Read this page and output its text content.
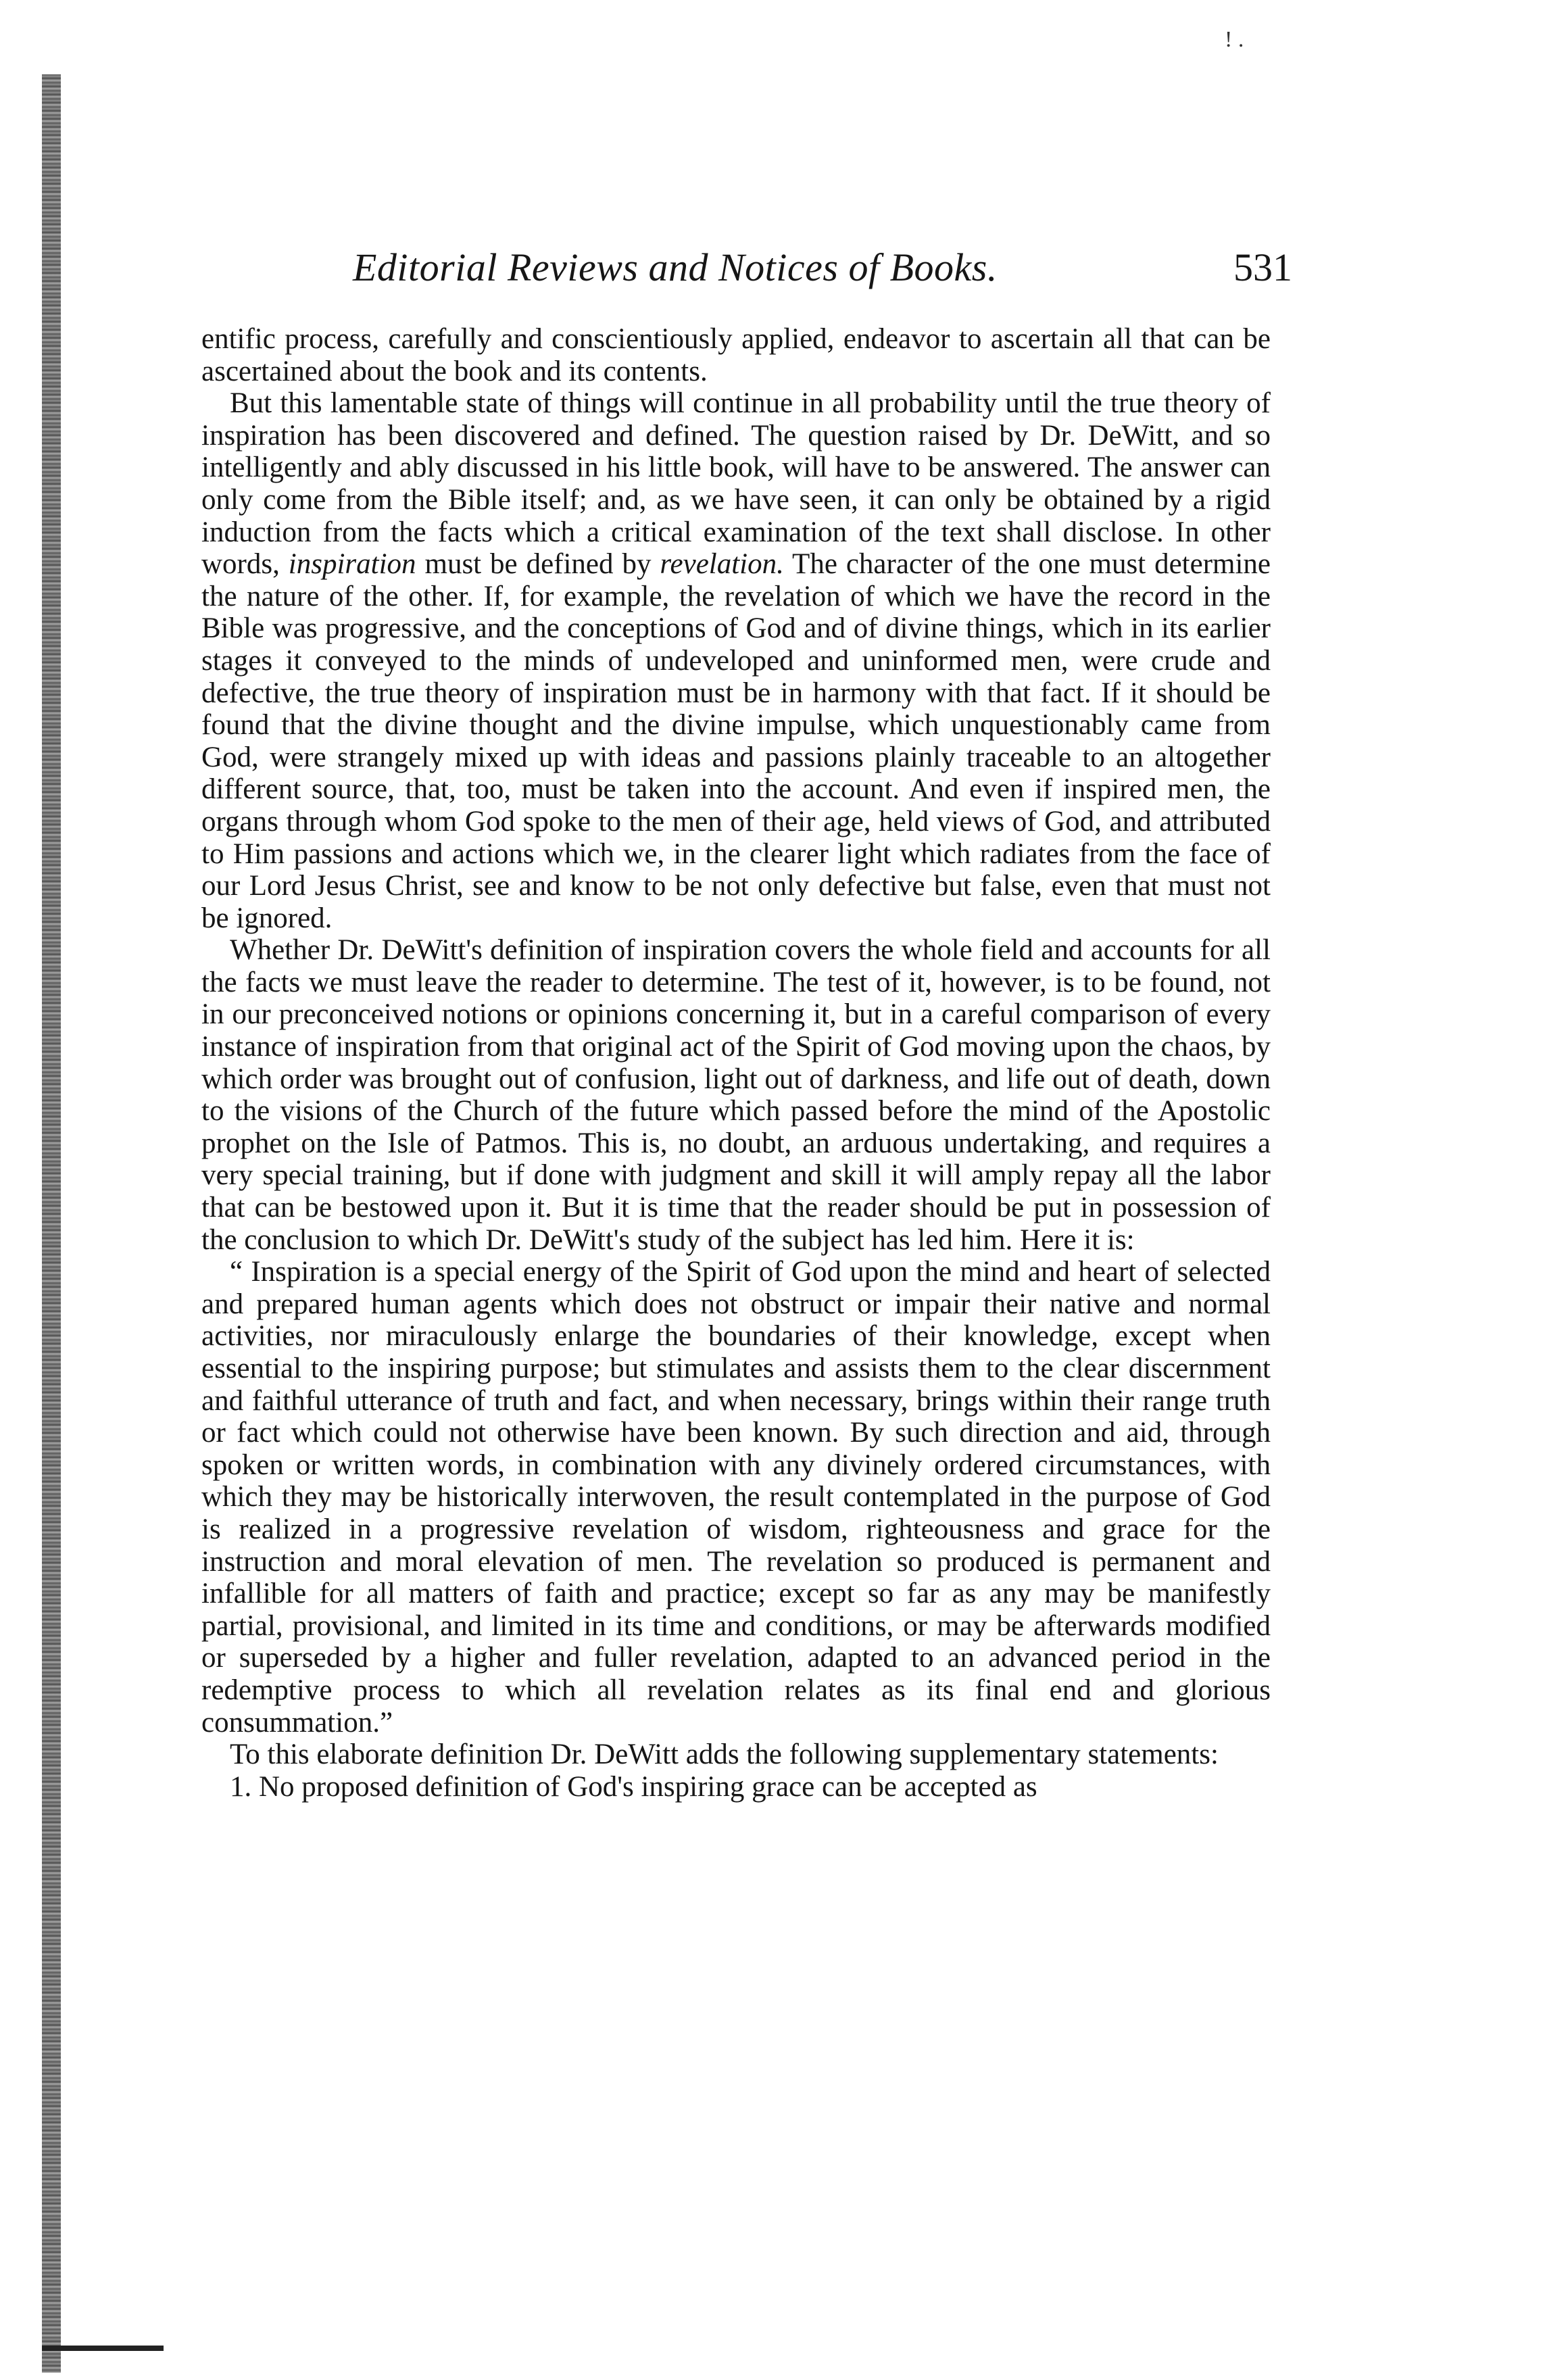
! .
Editorial Reviews and Notices of Books.	531

entific process, carefully and conscientiously applied, endeavor to ascertain all that can be ascertained about the book and its contents.

But this lamentable state of things will continue in all probability until the true theory of inspiration has been discovered and defined. The question raised by Dr. DeWitt, and so intelligently and ably discussed in his little book, will have to be answered. The answer can only come from the Bible itself; and, as we have seen, it can only be obtained by a rigid induction from the facts which a critical examination of the text shall disclose. In other words, inspiration must be defined by revelation. The character of the one must determine the nature of the other. If, for example, the revelation of which we have the record in the Bible was progressive, and the conceptions of God and of divine things, which in its earlier stages it conveyed to the minds of undeveloped and uninformed men, were crude and defective, the true theory of inspiration must be in harmony with that fact. If it should be found that the divine thought and the divine impulse, which unquestionably came from God, were strangely mixed up with ideas and passions plainly traceable to an altogether different source, that, too, must be taken into the account. And even if inspired men, the organs through whom God spoke to the men of their age, held views of God, and attributed to Him passions and actions which we, in the clearer light which radiates from the face of our Lord Jesus Christ, see and know to be not only defective but false, even that must not be ignored.

Whether Dr. DeWitt's definition of inspiration covers the whole field and accounts for all the facts we must leave the reader to determine. The test of it, however, is to be found, not in our preconceived notions or opinions concerning it, but in a careful comparison of every instance of inspiration from that original act of the Spirit of God moving upon the chaos, by which order was brought out of confusion, light out of darkness, and life out of death, down to the visions of the Church of the future which passed before the mind of the Apostolic prophet on the Isle of Patmos. This is, no doubt, an arduous undertaking, and requires a very special training, but if done with judgment and skill it will amply repay all the labor that can be bestowed upon it. But it is time that the reader should be put in possession of the conclusion to which Dr. DeWitt's study of the subject has led him. Here it is:

“ Inspiration is a special energy of the Spirit of God upon the mind and heart of selected and prepared human agents which does not obstruct or impair their native and normal activities, nor miraculously enlarge the boundaries of their knowledge, except when essential to the inspiring purpose; but stimulates and assists them to the clear discernment and faithful utterance of truth and fact, and when necessary, brings within their range truth or fact which could not otherwise have been known. By such direction and aid, through spoken or written words, in combination with any divinely ordered circumstances, with which they may be historically interwoven, the result contemplated in the purpose of God is realized in a progressive revelation of wisdom, righteousness and grace for the instruction and moral elevation of men. The revelation so produced is permanent and infallible for all matters of faith and practice; except so far as any may be manifestly partial, provisional, and limited in its time and conditions, or may be afterwards modified or superseded by a higher and fuller revelation, adapted to an advanced period in the redemptive process to which all revelation relates as its final end and glorious consummation.”

To this elaborate definition Dr. DeWitt adds the following supplementary statements:

1. No proposed definition of God's inspiring grace can be accepted as
